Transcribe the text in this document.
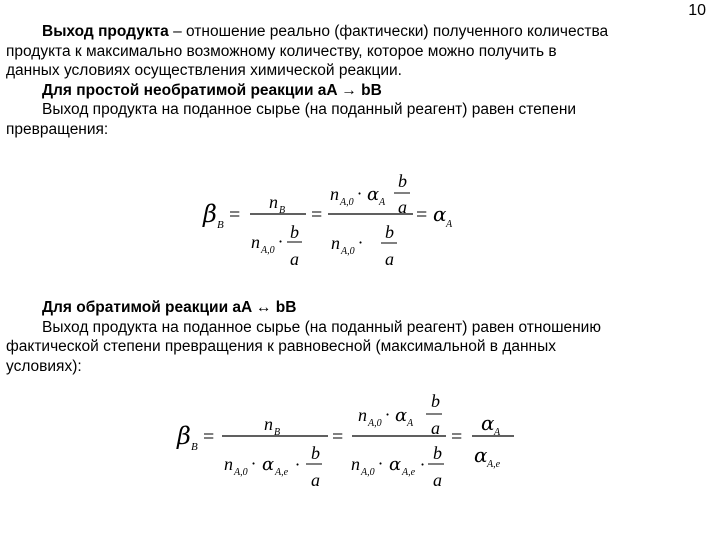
10
Выход продукта – отношение реально (фактически) полученного количества
продукта к максимально возможному количеству, которое можно получить в
данных условиях осуществления химической реакции.
Для простой необратимой реакции aA → bB
Выход продукта на поданное сырье (на поданный реагент) равен степени
превращения:
β B =
n B
n A,0 · b
a
=
n A,0 · α A
b
a
n A,0 ·
b
a
= α A
Для обратимой реакции aA ↔ bB
Выход продукта на поданное сырье (на поданный реагент) равен отношению
фактической степени превращения к равновесной (максимальной в данных
условиях):
β B =
n B
n A,0 · α A,е ·
b
a
=
n A,0 · α A
b
a
n A,0 · α A,е ·
b
a
=
α A
α A,е
